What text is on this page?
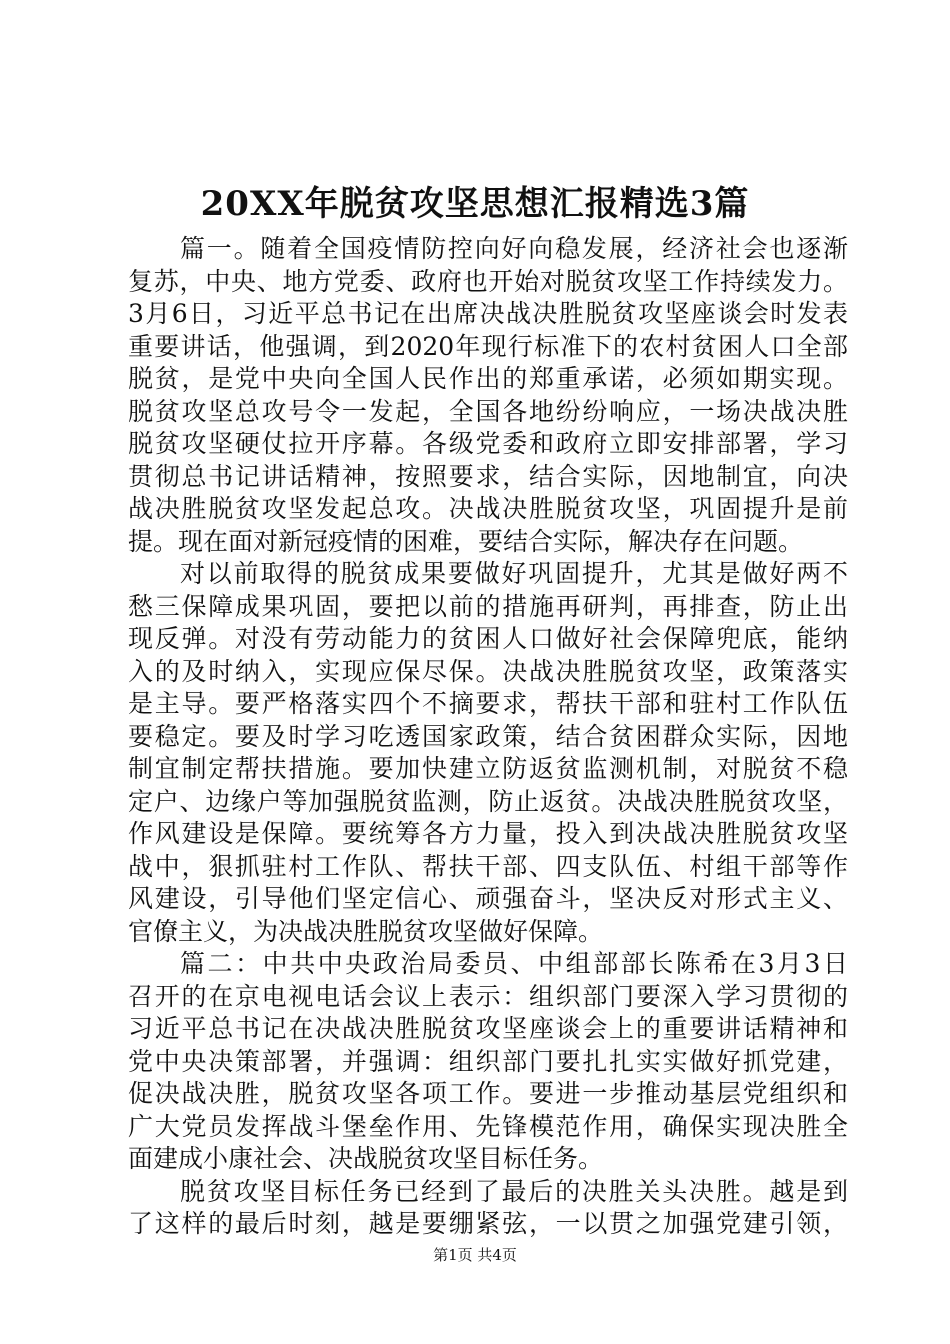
20XX年脱贫攻坚思想汇报精选3篇

篇一。随着全国疫情防控向好向稳发展，经济社会也逐渐
复苏，中央、地方党委、政府也开始对脱贫攻坚工作持续发力。
3月6日，习近平总书记在出席决战决胜脱贫攻坚座谈会时发表
重要讲话，他强调，到2020年现行标准下的农村贫困人口全部
脱贫，是党中央向全国人民作出的郑重承诺，必须如期实现。
脱贫攻坚总攻号令一发起，全国各地纷纷响应，一场决战决胜
脱贫攻坚硬仗拉开序幕。各级党委和政府立即安排部署，学习
贯彻总书记讲话精神，按照要求，结合实际，因地制宜，向决
战决胜脱贫攻坚发起总攻。决战决胜脱贫攻坚，巩固提升是前
提。现在面对新冠疫情的困难，要结合实际，解决存在问题。

对以前取得的脱贫成果要做好巩固提升，尤其是做好两不
愁三保障成果巩固，要把以前的措施再研判，再排查，防止出
现反弹。对没有劳动能力的贫困人口做好社会保障兜底，能纳
入的及时纳入，实现应保尽保。决战决胜脱贫攻坚，政策落实
是主导。要严格落实四个不摘要求，帮扶干部和驻村工作队伍
要稳定。要及时学习吃透国家政策，结合贫困群众实际，因地
制宜制定帮扶措施。要加快建立防返贫监测机制，对脱贫不稳
定户、边缘户等加强脱贫监测，防止返贫。决战决胜脱贫攻坚，
作风建设是保障。要统筹各方力量，投入到决战决胜脱贫攻坚
战中，狠抓驻村工作队、帮扶干部、四支队伍、村组干部等作
风建设，引导他们坚定信心、顽强奋斗，坚决反对形式主义、
官僚主义，为决战决胜脱贫攻坚做好保障。

篇二：中共中央政治局委员、中组部部长陈希在3月3日
召开的在京电视电话会议上表示：组织部门要深入学习贯彻的
习近平总书记在决战决胜脱贫攻坚座谈会上的重要讲话精神和
党中央决策部署，并强调：组织部门要扎扎实实做好抓党建，
促决战决胜，脱贫攻坚各项工作。要进一步推动基层党组织和
广大党员发挥战斗堡垒作用、先锋模范作用，确保实现决胜全
面建成小康社会、决战脱贫攻坚目标任务。

脱贫攻坚目标任务已经到了最后的决胜关头决胜。越是到
了这样的最后时刻，越是要绷紧弦，一以贯之加强党建引领，

第1页 共4页
